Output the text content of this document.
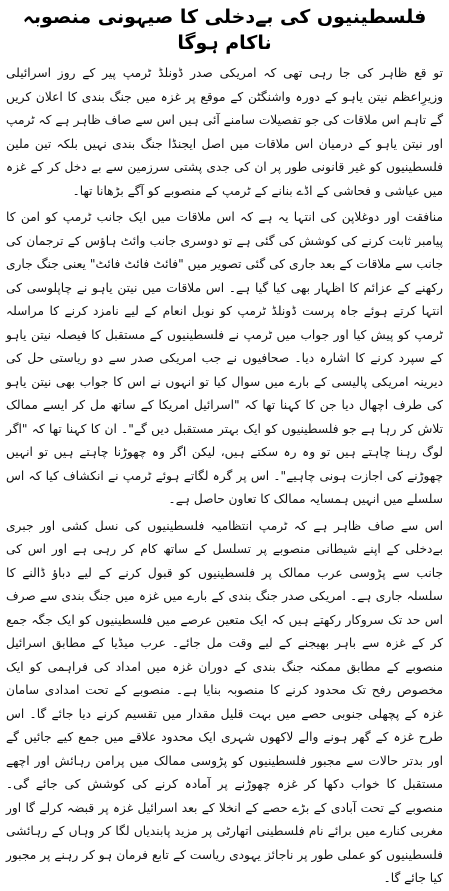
فلسطینیوں کی بےدخلی کا صیہونی منصوبہ ناکام ہوگا

تو قع ظاہر کی جا رہی تھی کہ امریکی صدر ڈونلڈ ٹرمپ پیر کے روز اسرائیلی وزیرِاعظم نیتن یاہو کے دورہ واشنگٹن کے موقع پر غزہ میں جنگ بندی کا اعلان کریں گے تاہم اس ملاقات کی جو تفصیلات سامنے آئی ہیں اس سے صاف ظاہر ہے کہ ٹرمپ اور نیتن یاہو کے درمیان اس ملاقات میں اصل ایجنڈا جنگ بندی نہیں بلکہ تین ملین فلسطینیوں کو غیر قانونی طور پر ان کی جدی پشتی سرزمین سے بے دخل کر کے غزہ میں عیاشی و فحاشی کے اڈے بنانے کے ٹرمپ کے منصوبے کو آگے بڑھانا تھا۔

منافقت اور دوغلاپن کی انتہا یہ ہے کہ اس ملاقات میں ایک جانب ٹرمپ کو امن کا پیامبر ثابت کرنے کی کوشش کی گئی ہے تو دوسری جانب وائٹ ہاؤس کے ترجمان کی جانب سے ملاقات کے بعد جاری کی گئی تصویر میں "فائٹ فائٹ فائٹ" یعنی جنگ جاری رکھنے کے عزائم کا اظہار بھی کیا گیا ہے۔ اس ملاقات میں نیتن یاہو نے چاپلوسی کی انتہا کرتے ہوئے جاہ پرست ڈونلڈ ٹرمپ کو نوبل انعام کے لیے نامزد کرنے کا مراسلہ ٹرمپ کو پیش کیا اور جواب میں ٹرمپ نے فلسطینیوں کے مستقبل کا فیصلہ نیتن یاہو کے سپرد کرنے کا اشارہ دیا۔ صحافیوں نے جب امریکی صدر سے دو ریاستی حل کی دیرینہ امریکی پالیسی کے بارے میں سوال کیا تو انہوں نے اس کا جواب بھی نیتن یاہو کی طرف اچھال دیا جن کا کہنا تھا کہ "اسرائیل امریکا کے ساتھ مل کر ایسے ممالک تلاش کر رہا ہے جو فلسطینیوں کو ایک بہتر مستقبل دیں گے"۔ ان کا کہنا تھا کہ "اگر لوگ رہنا چاہتے ہیں تو وہ رہ سکتے ہیں، لیکن اگر وہ چھوڑنا چاہتے ہیں تو انہیں چھوڑنے کی اجازت ہونی چاہیے"۔ اس پر گرہ لگاتے ہوئے ٹرمپ نے انکشاف کیا کہ اس سلسلے میں انہیں ہمسایہ ممالک کا تعاون حاصل ہے۔

اس سے صاف ظاہر ہے کہ ٹرمپ انتظامیہ فلسطینیوں کی نسل کشی اور جبری بےدخلی کے اپنے شیطانی منصوبے پر تسلسل کے ساتھ کام کر رہی ہے اور اس کی جانب سے پڑوسی عرب ممالک پر فلسطینیوں کو قبول کرنے کے لیے دباؤ ڈالنے کا سلسلہ جاری ہے۔ امریکی صدر جنگ بندی کے بارے میں غزہ میں جنگ بندی سے صرف اس حد تک سروکار رکھتے ہیں کہ ایک متعین عرصے میں فلسطینیوں کو ایک جگہ جمع کر کے غزہ سے باہر بھیجنے کے لیے وقت مل جائے۔ عرب میڈیا کے مطابق اسرائیل منصوبے کے مطابق ممکنہ جنگ بندی کے دوران غزہ میں امداد کی فراہمی کو ایک مخصوص رفح تک محدود کرنے کا منصوبہ بنایا ہے۔ منصوبے کے تحت امدادی سامان غزہ کے پچھلی جنوبی حصے میں بہت قلیل مقدار میں تقسیم کرنے دیا جائے گا۔ اس طرح غزہ کے گھر ہونے والے لاکھوں شہری ایک محدود علاقے میں جمع کیے جائیں گے اور بدتر حالات سے مجبور فلسطینیوں کو پڑوسی ممالک میں پرامن رہائش اور اچھے مستقبل کا خواب دکھا کر غزہ چھوڑنے پر آمادہ کرنے کی کوشش کی جائے گی۔ منصوبے کے تحت آبادی کے بڑے حصے کے انخلا کے بعد اسرائیل غزہ پر قبضہ کرلے گا اور مغربی کنارے میں برائے نام فلسطینی اتھارٹی پر مزید پابندیاں لگا کر وہاں کے رہائشی فلسطینیوں کو عملی طور پر ناجائز یہودی ریاست کے تابع فرمان ہو کر رہنے پر مجبور کیا جائے گا۔
